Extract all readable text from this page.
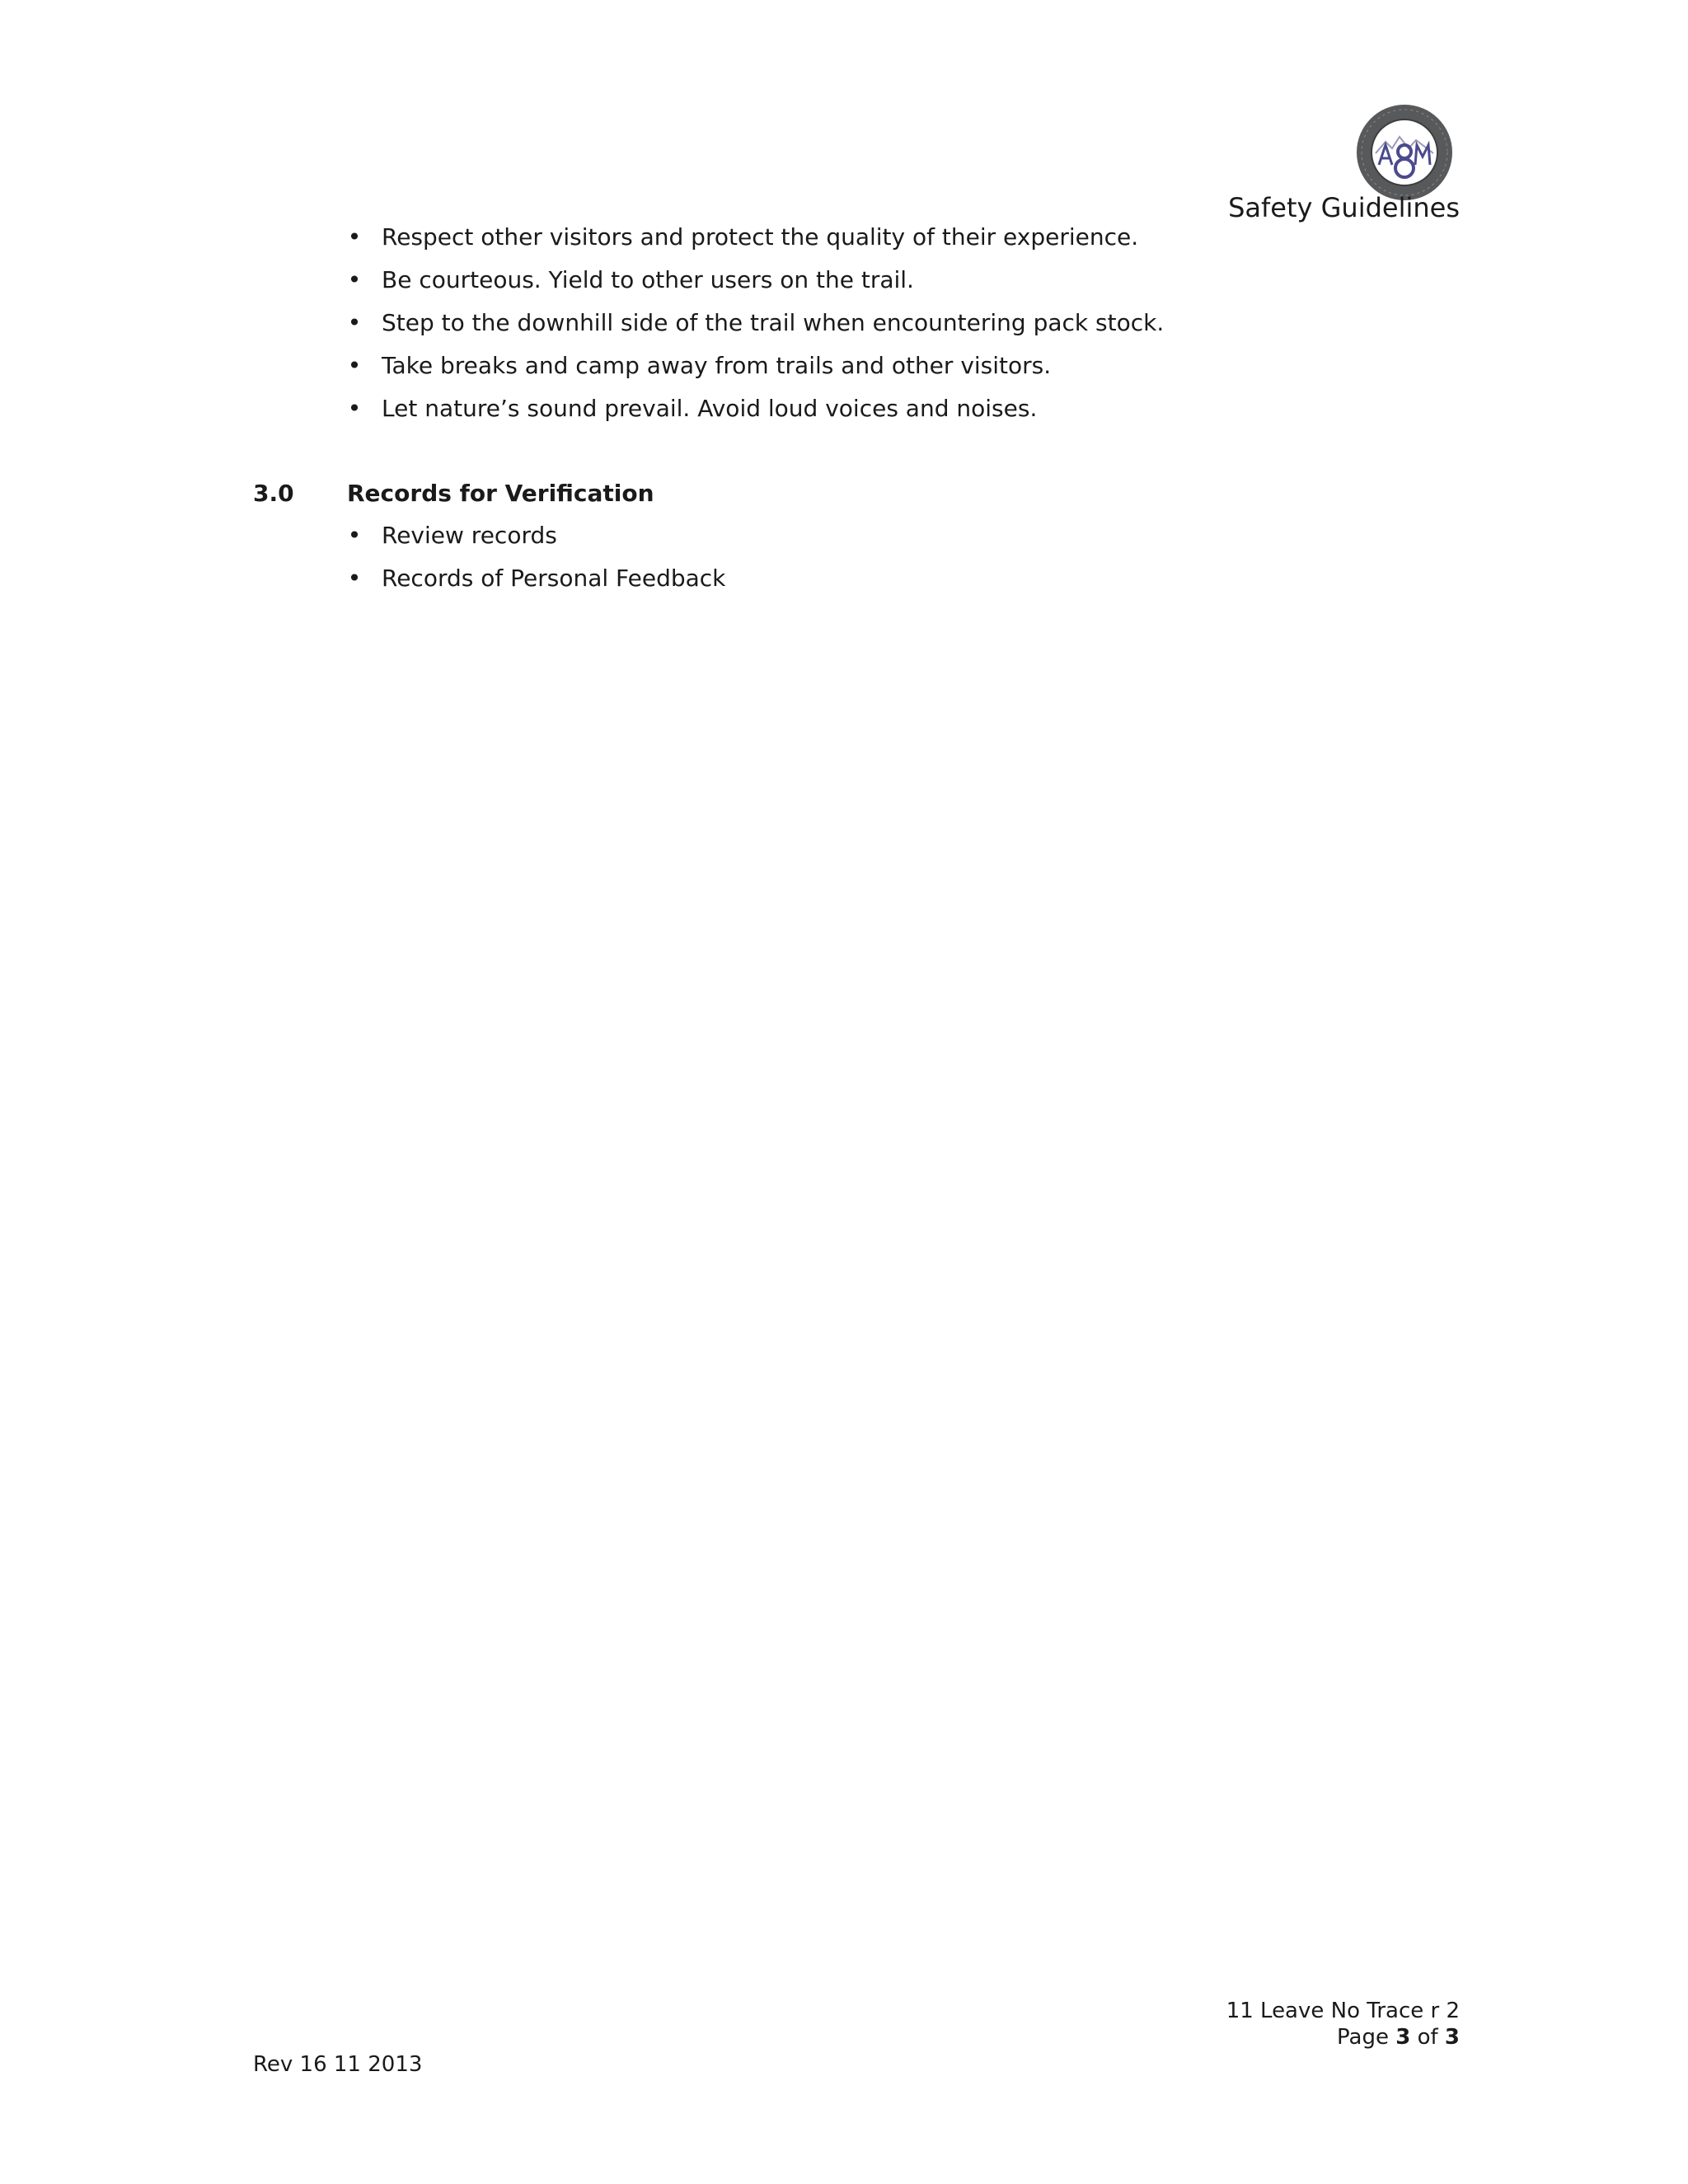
Safety Guidelines
• Respect other visitors and protect the quality of their experience.
• Be courteous. Yield to other users on the trail.
• Step to the downhill side of the trail when encountering pack stock.
• Take breaks and camp away from trails and other visitors.
• Let nature’s sound prevail. Avoid loud voices and noises.
3.0 Records for Verification
• Review records
• Records of Personal Feedback
11 Leave No Trace r 2
Page 3 of 3
Rev 16 11 2013
